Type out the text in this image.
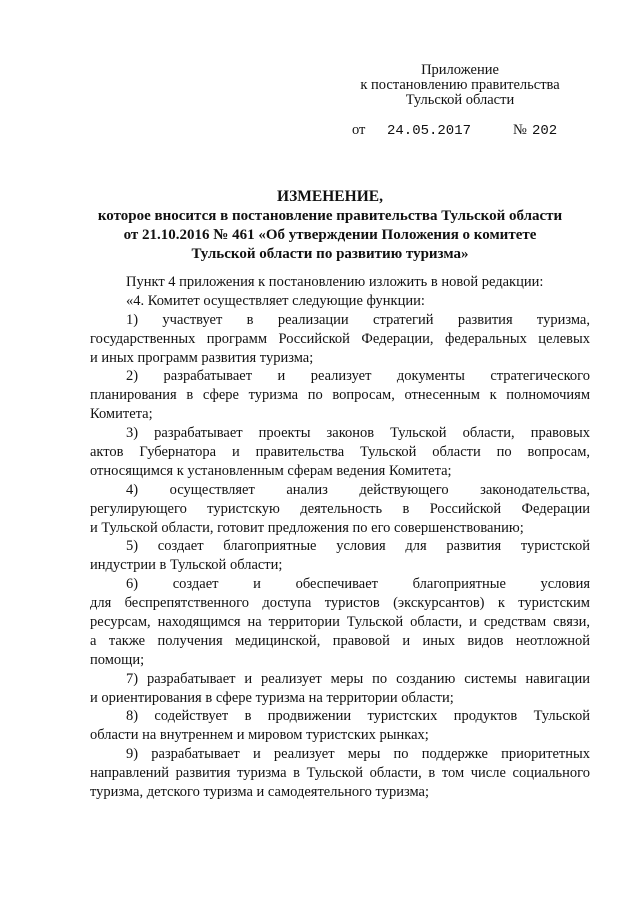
Приложение
к постановлению правительства
Тульской области
от 24.05.2017	№ 202
ИЗМЕНЕНИЕ,
которое вносится в постановление правительства Тульской области
от 21.10.2016 № 461 «Об утверждении Положения о комитете
Тульской области по развитию туризма»
Пункт 4 приложения к постановлению изложить в новой редакции:
«4. Комитет осуществляет следующие функции:
1) участвует в реализации стратегий развития туризма,
государственных программ Российской Федерации, федеральных целевых
и иных программ развития туризма;
2) разрабатывает и реализует документы стратегического
планирования в сфере туризма по вопросам, отнесенным к полномочиям
Комитета;
3) разрабатывает проекты законов Тульской области, правовых
актов Губернатора и правительства Тульской области по вопросам,
относящимся к установленным сферам ведения Комитета;
4) осуществляет анализ действующего законодательства,
регулирующего туристскую деятельность в Российской Федерации
и Тульской области, готовит предложения по его совершенствованию;
5) создает благоприятные условия для развития туристской
индустрии в Тульской области;
6) создает и обеспечивает благоприятные условия
для беспрепятственного доступа туристов (экскурсантов) к туристским
ресурсам, находящимся на территории Тульской области, и средствам связи,
а также получения медицинской, правовой и иных видов неотложной
помощи;
7) разрабатывает и реализует меры по созданию системы навигации
и ориентирования в сфере туризма на территории области;
8) содействует в продвижении туристских продуктов Тульской
области на внутреннем и мировом туристских рынках;
9) разрабатывает и реализует меры по поддержке приоритетных
направлений развития туризма в Тульской области, в том числе социального
туризма, детского туризма и самодеятельного туризма;
